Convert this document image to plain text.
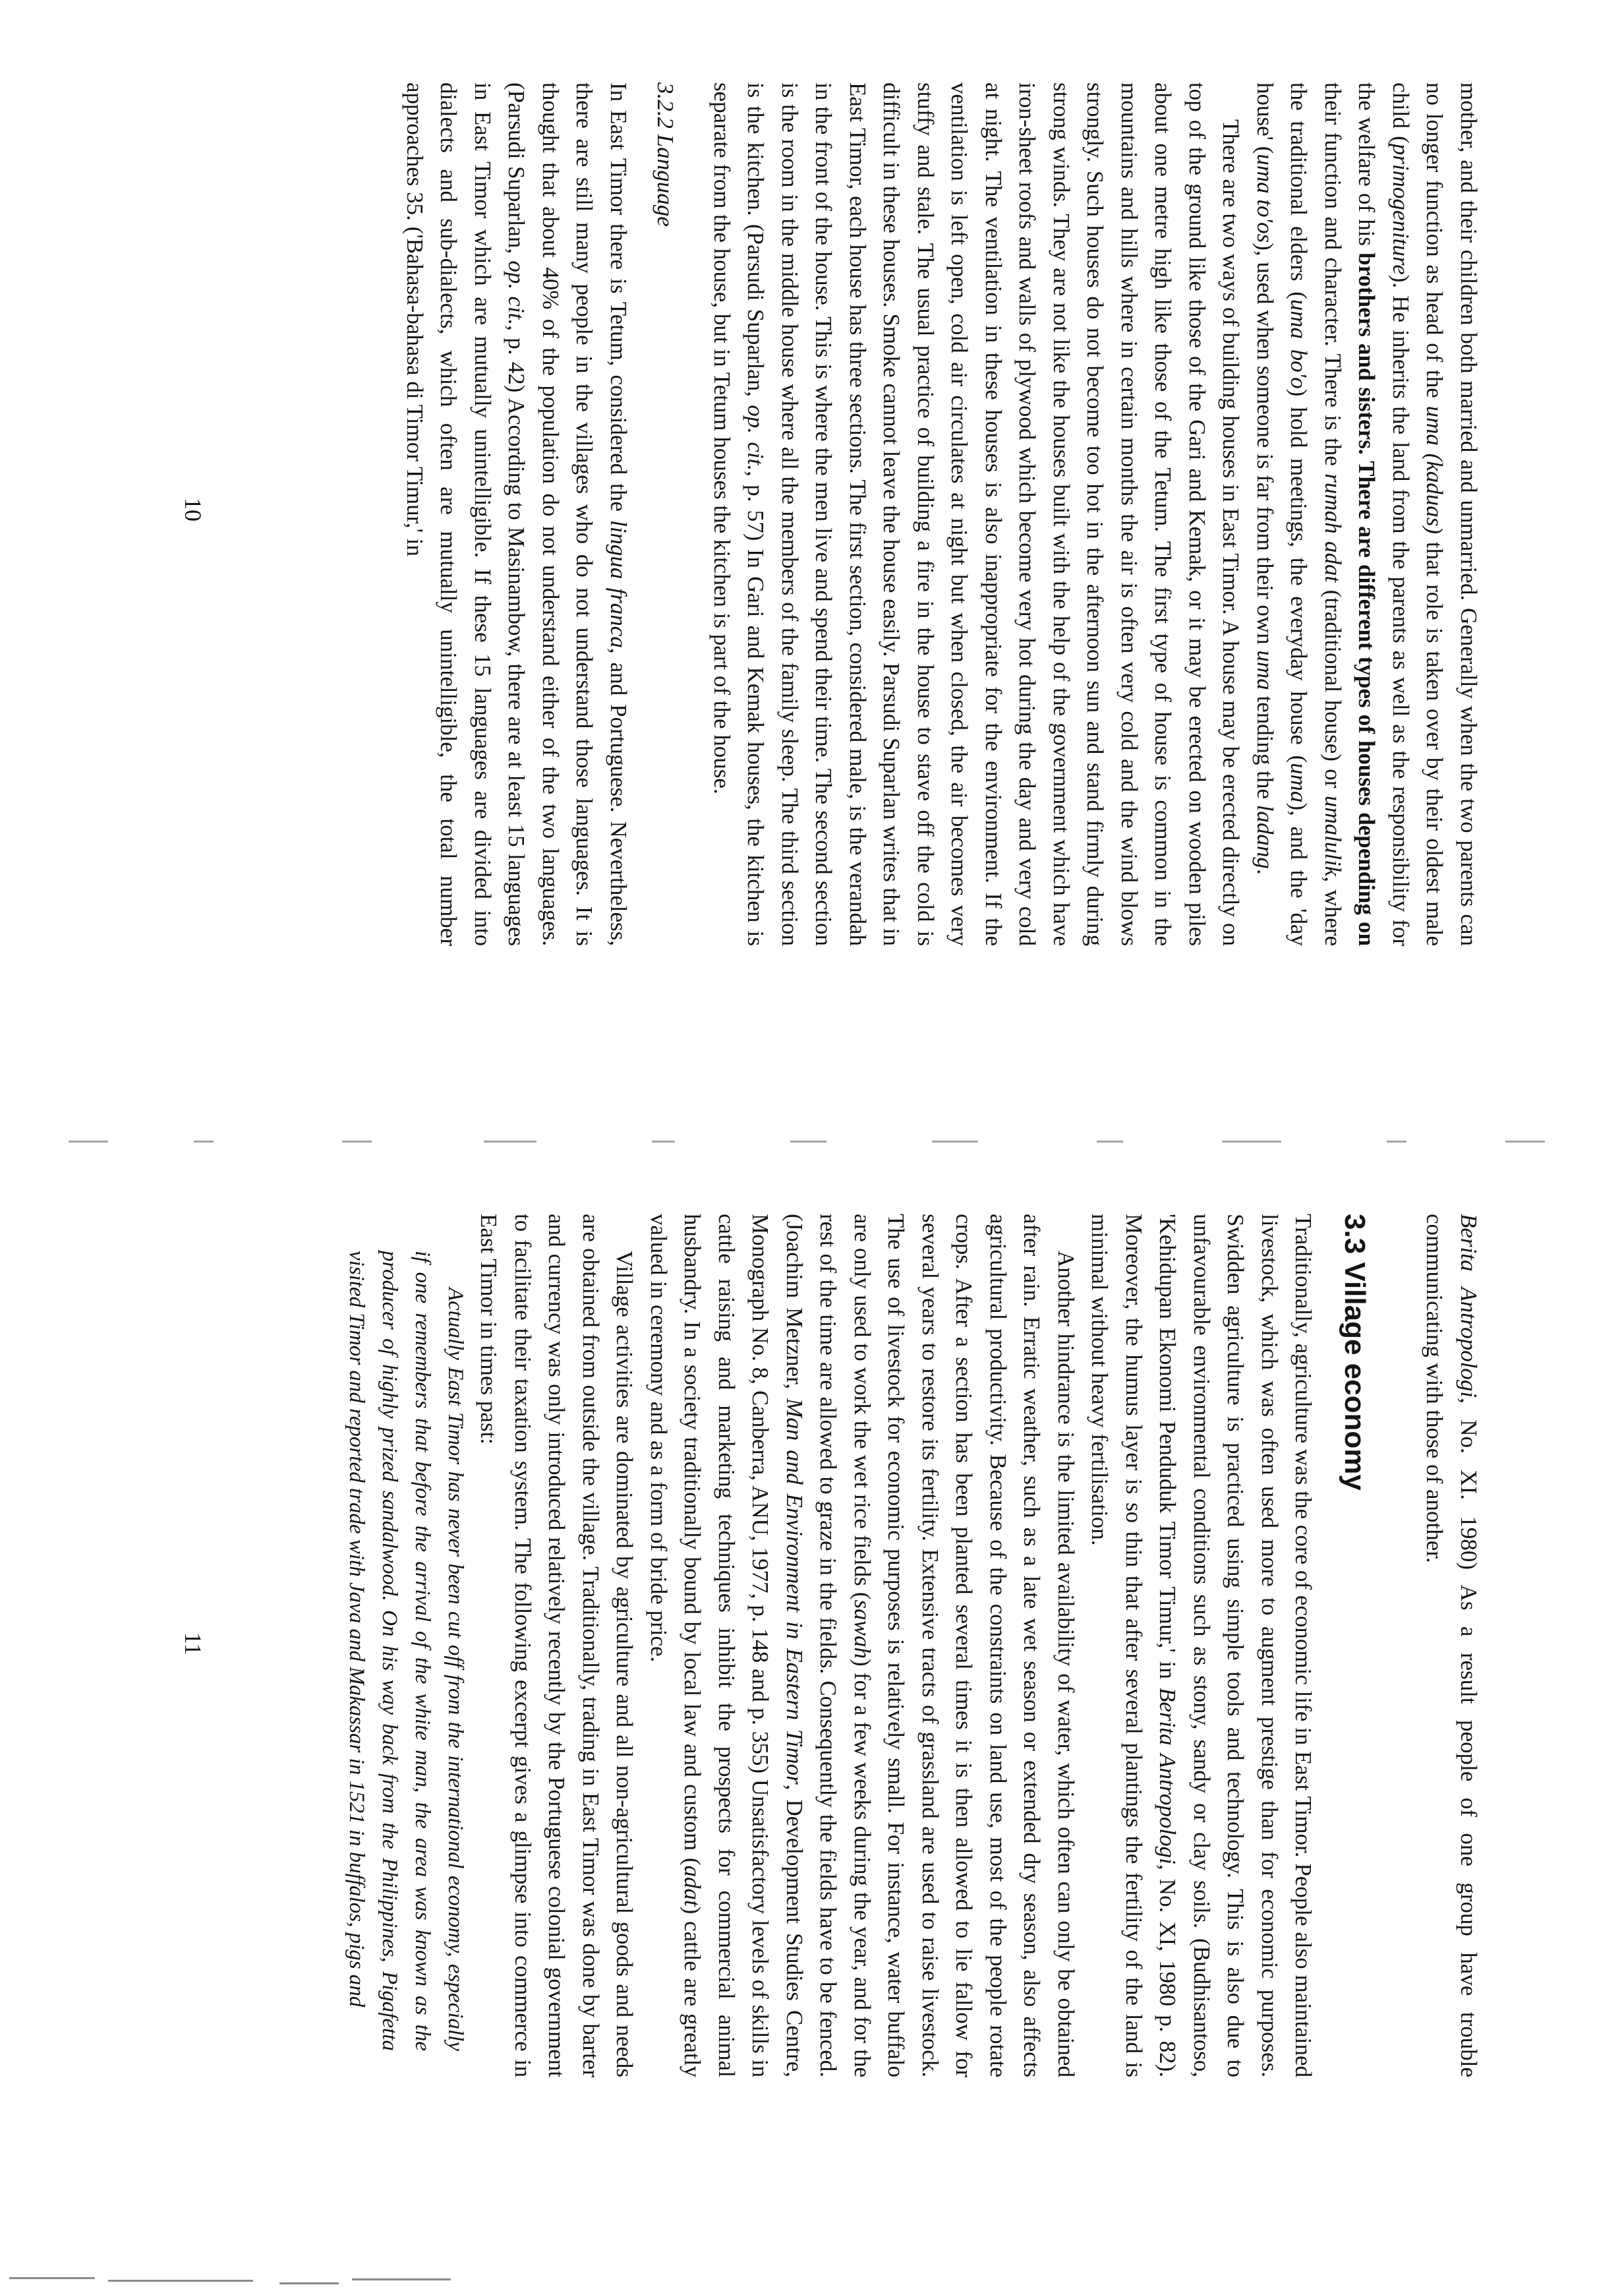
mother, and their children both married and unmarried. Generally when the two parents can no longer function as head of the uma (kaduas) that role is taken over by their oldest male child (primogeniture). He inherits the land from the parents as well as the responsibility for the welfare of his brothers and sisters. There are different types of houses depending on their function and character. There is the rumah adat (traditional house) or umalulik, where the traditional elders (uma bo'o) hold meetings, the everyday house (uma), and the 'day house' (uma to'os), used when someone is far from their own uma tending the ladang.

There are two ways of building houses in East Timor. A house may be erected directly on top of the ground like those of the Gari and Kemak, or it may be erected on wooden piles about one metre high like those of the Tetum. The first type of house is common in the mountains and hills where in certain months the air is often very cold and the wind blows strongly. Such houses do not become too hot in the afternoon sun and stand firmly during strong winds. They are not like the houses built with the help of the government which have iron-sheet roofs and walls of plywood which become very hot during the day and very cold at night. The ventilation in these houses is also inappropriate for the environment. If the ventilation is left open, cold air circulates at night but when closed, the air becomes very stuffy and stale. The usual practice of building a fire in the house to stave off the cold is difficult in these houses. Smoke cannot leave the house easily. Parsudi Suparlan writes that in East Timor, each house has three sections. The first section, considered male, is the verandah in the front of the house. This is where the men live and spend their time. The second section is the room in the middle house where all the members of the family sleep. The third section is the kitchen. (Parsudi Suparlan, op. cit., p. 57) In Gari and Kemak houses, the kitchen is separate from the house, but in Tetum houses the kitchen is part of the house.

3.2.2 Language

In East Timor there is Tetum, considered the lingua franca, and Portuguese. Nevertheless, there are still many people in the villages who do not understand those languages. It is thought that about 40% of the population do not understand either of the two languages. (Parsudi Suparlan, op. cit., p. 42) According to Masinambow, there are at least 15 languages in East Timor which are mutually unintelligible. If these 15 languages are divided into dialects and sub-dialects, which often are mutually unintelligible, the total number approaches 35. ('Bahasa-bahasa di Timor Timur,' in

10

Berita Antropologi, No. XI. 1980) As a result people of one group have trouble communicating with those of another.

3.3 Village economy

Traditionally, agriculture was the core of economic life in East Timor. People also maintained livestock, which was often used more to augment prestige than for economic purposes. Swidden agriculture is practiced using simple tools and technology. This is also due to unfavourable environmental conditions such as stony, sandy or clay soils. (Budhisantoso, 'Kehidupan Ekonomi Penduduk Timor Timur,' in Berita Antropologi, No. XI, 1980 p. 82). Moreover, the humus layer is so thin that after several plantings the fertility of the land is minimal without heavy fertilisation.

Another hindrance is the limited availability of water, which often can only be obtained after rain. Erratic weather, such as a late wet season or extended dry season, also affects agricultural productivity. Because of the constraints on land use, most of the people rotate crops. After a section has been planted several times it is then allowed to lie fallow for several years to restore its fertility. Extensive tracts of grassland are used to raise livestock. The use of livestock for economic purposes is relatively small. For instance, water buffalo are only used to work the wet rice fields (sawah) for a few weeks during the year, and for the rest of the time are allowed to graze in the fields. Consequently the fields have to be fenced. (Joachim Metzner, Man and Environment in Eastern Timor, Development Studies Centre, Monograph No. 8, Canberra, ANU, 1977, p. 148 and p. 355) Unsatisfactory levels of skills in cattle raising and marketing techniques inhibit the prospects for commercial animal husbandry. In a society traditionally bound by local law and custom (adat) cattle are greatly valued in ceremony and as a form of bride price.

Village activities are dominated by agriculture and all non-agricultural goods and needs are obtained from outside the village. Traditionally, trading in East Timor was done by barter and currency was only introduced relatively recently by the Portuguese colonial government to facilitate their taxation system. The following excerpt gives a glimpse into commerce in East Timor in times past:

Actually East Timor has never been cut off from the international economy, especially if one remembers that before the arrival of the white man, the area was known as the producer of highly prized sandalwood. On his way back from the Philippines, Pigafetta visited Timor and reported trade with Java and Makassar in 1521 in buffalos, pigs and

11
